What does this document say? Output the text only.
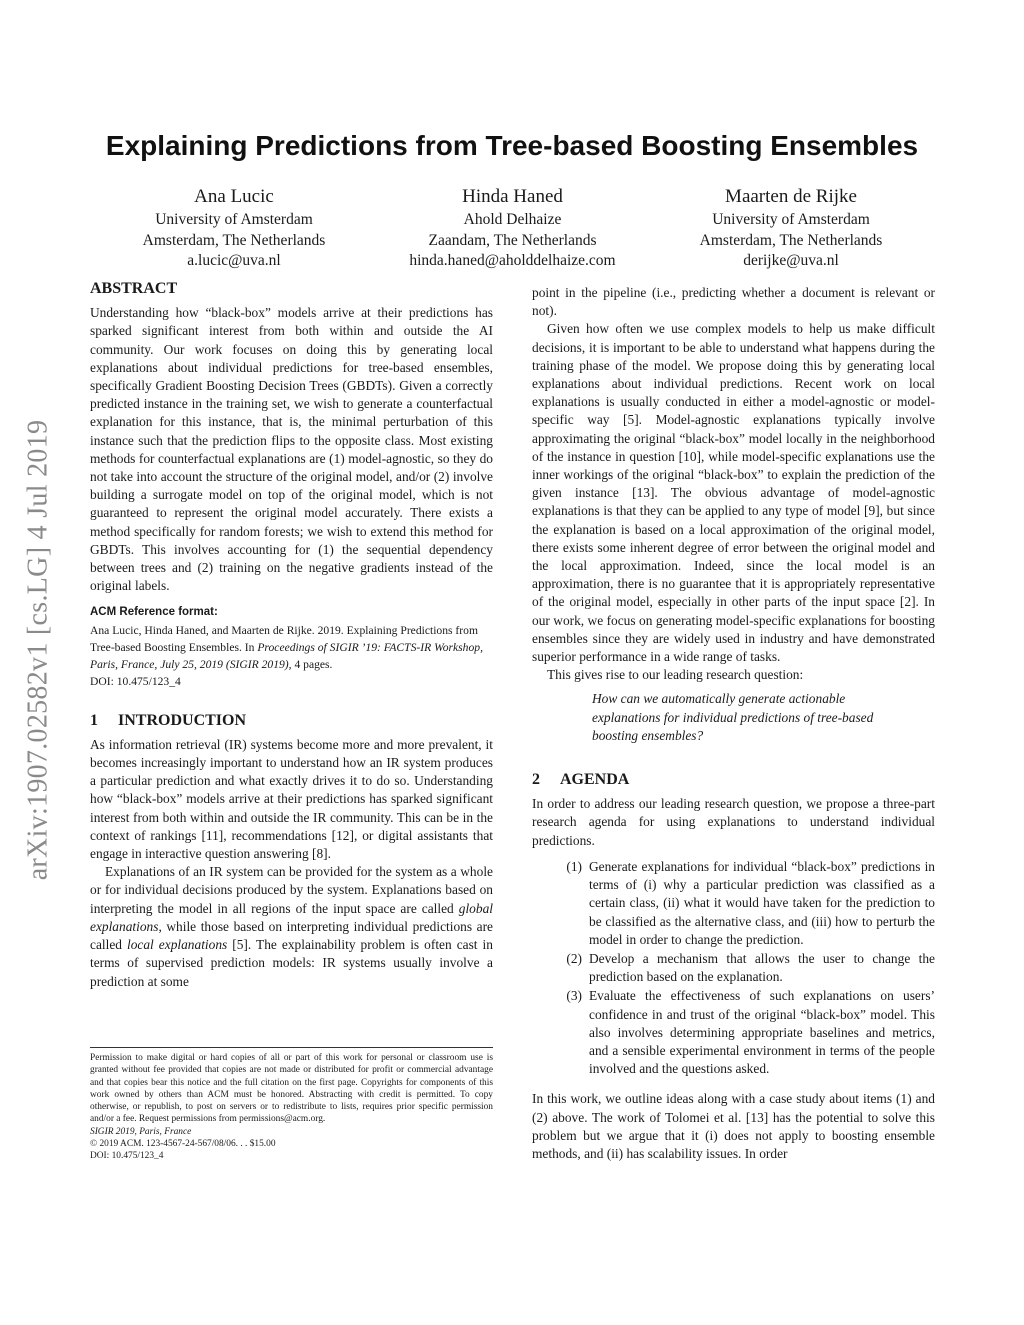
arXiv:1907.02582v1 [cs.LG] 4 Jul 2019
Explaining Predictions from Tree-based Boosting Ensembles
Ana Lucic
University of Amsterdam
Amsterdam, The Netherlands
a.lucic@uva.nl
Hinda Haned
Ahold Delhaize
Zaandam, The Netherlands
hinda.haned@aholddelhaize.com
Maarten de Rijke
University of Amsterdam
Amsterdam, The Netherlands
derijke@uva.nl
ABSTRACT

Understanding how “black-box” models arrive at their predictions has sparked significant interest from both within and outside the AI community. Our work focuses on doing this by generating local explanations about individual predictions for tree-based ensembles, specifically Gradient Boosting Decision Trees (GBDTs). Given a correctly predicted instance in the training set, we wish to generate a counterfactual explanation for this instance, that is, the minimal perturbation of this instance such that the prediction flips to the opposite class. Most existing methods for counterfactual explanations are (1) model-agnostic, so they do not take into account the structure of the original model, and/or (2) involve building a surrogate model on top of the original model, which is not guaranteed to represent the original model accurately. There exists a method specifically for random forests; we wish to extend this method for GBDTs. This involves accounting for (1) the sequential dependency between trees and (2) training on the negative gradients instead of the original labels.

ACM Reference format:

Ana Lucic, Hinda Haned, and Maarten de Rijke. 2019. Explaining Predictions from Tree-based Boosting Ensembles. In Proceedings of SIGIR ’19: FACTS-IR Workshop, Paris, France, July 25, 2019 (SIGIR 2019), 4 pages.
DOI: 10.475/123_4

1 INTRODUCTION

As information retrieval (IR) systems become more and more prevalent, it becomes increasingly important to understand how an IR system produces a particular prediction and what exactly drives it to do so. Understanding how “black-box” models arrive at their predictions has sparked significant interest from both within and outside the IR community. This can be in the context of rankings [11], recommendations [12], or digital assistants that engage in interactive question answering [8].

Explanations of an IR system can be provided for the system as a whole or for individual decisions produced by the system. Explanations based on interpreting the model in all regions of the input space are called global explanations, while those based on interpreting individual predictions are called local explanations [5]. The explainability problem is often cast in terms of supervised prediction models: IR systems usually involve a prediction at some

Permission to make digital or hard copies of all or part of this work for personal or classroom use is granted without fee provided that copies are not made or distributed for profit or commercial advantage and that copies bear this notice and the full citation on the first page. Copyrights for components of this work owned by others than ACM must be honored. Abstracting with credit is permitted. To copy otherwise, or republish, to post on servers or to redistribute to lists, requires prior specific permission and/or a fee. Request permissions from permissions@acm.org.

SIGIR 2019, Paris, France

© 2019 ACM. 123-4567-24-567/08/06. . . $15.00

DOI: 10.475/123_4

point in the pipeline (i.e., predicting whether a document is relevant or not).

Given how often we use complex models to help us make difficult decisions, it is important to be able to understand what happens during the training phase of the model. We propose doing this by generating local explanations about individual predictions. Recent work on local explanations is usually conducted in either a model-agnostic or model-specific way [5]. Model-agnostic explanations typically involve approximating the original “black-box” model locally in the neighborhood of the instance in question [10], while model-specific explanations use the inner workings of the original “black-box” to explain the prediction of the given instance [13]. The obvious advantage of model-agnostic explanations is that they can be applied to any type of model [9], but since the explanation is based on a local approximation of the original model, there exists some inherent degree of error between the original model and the local approximation. Indeed, since the local model is an approximation, there is no guarantee that it is appropriately representative of the original model, especially in other parts of the input space [2]. In our work, we focus on generating model-specific explanations for boosting ensembles since they are widely used in industry and have demonstrated superior performance in a wide range of tasks.

This gives rise to our leading research question:

How can we automatically generate actionable explanations for individual predictions of tree-based boosting ensembles?

2 AGENDA

In order to address our leading research question, we propose a three-part research agenda for using explanations to understand individual predictions.

(1) Generate explanations for individual “black-box” predictions in terms of (i) why a particular prediction was classified as a certain class, (ii) what it would have taken for the prediction to be classified as the alternative class, and (iii) how to perturb the model in order to change the prediction.
(2) Develop a mechanism that allows the user to change the prediction based on the explanation.
(3) Evaluate the effectiveness of such explanations on users’ confidence in and trust of the original “black-box” model. This also involves determining appropriate baselines and metrics, and a sensible experimental environment in terms of the people involved and the questions asked.

In this work, we outline ideas along with a case study about items (1) and (2) above. The work of Tolomei et al. [13] has the potential to solve this problem but we argue that it (i) does not apply to boosting ensemble methods, and (ii) has scalability issues. In order
